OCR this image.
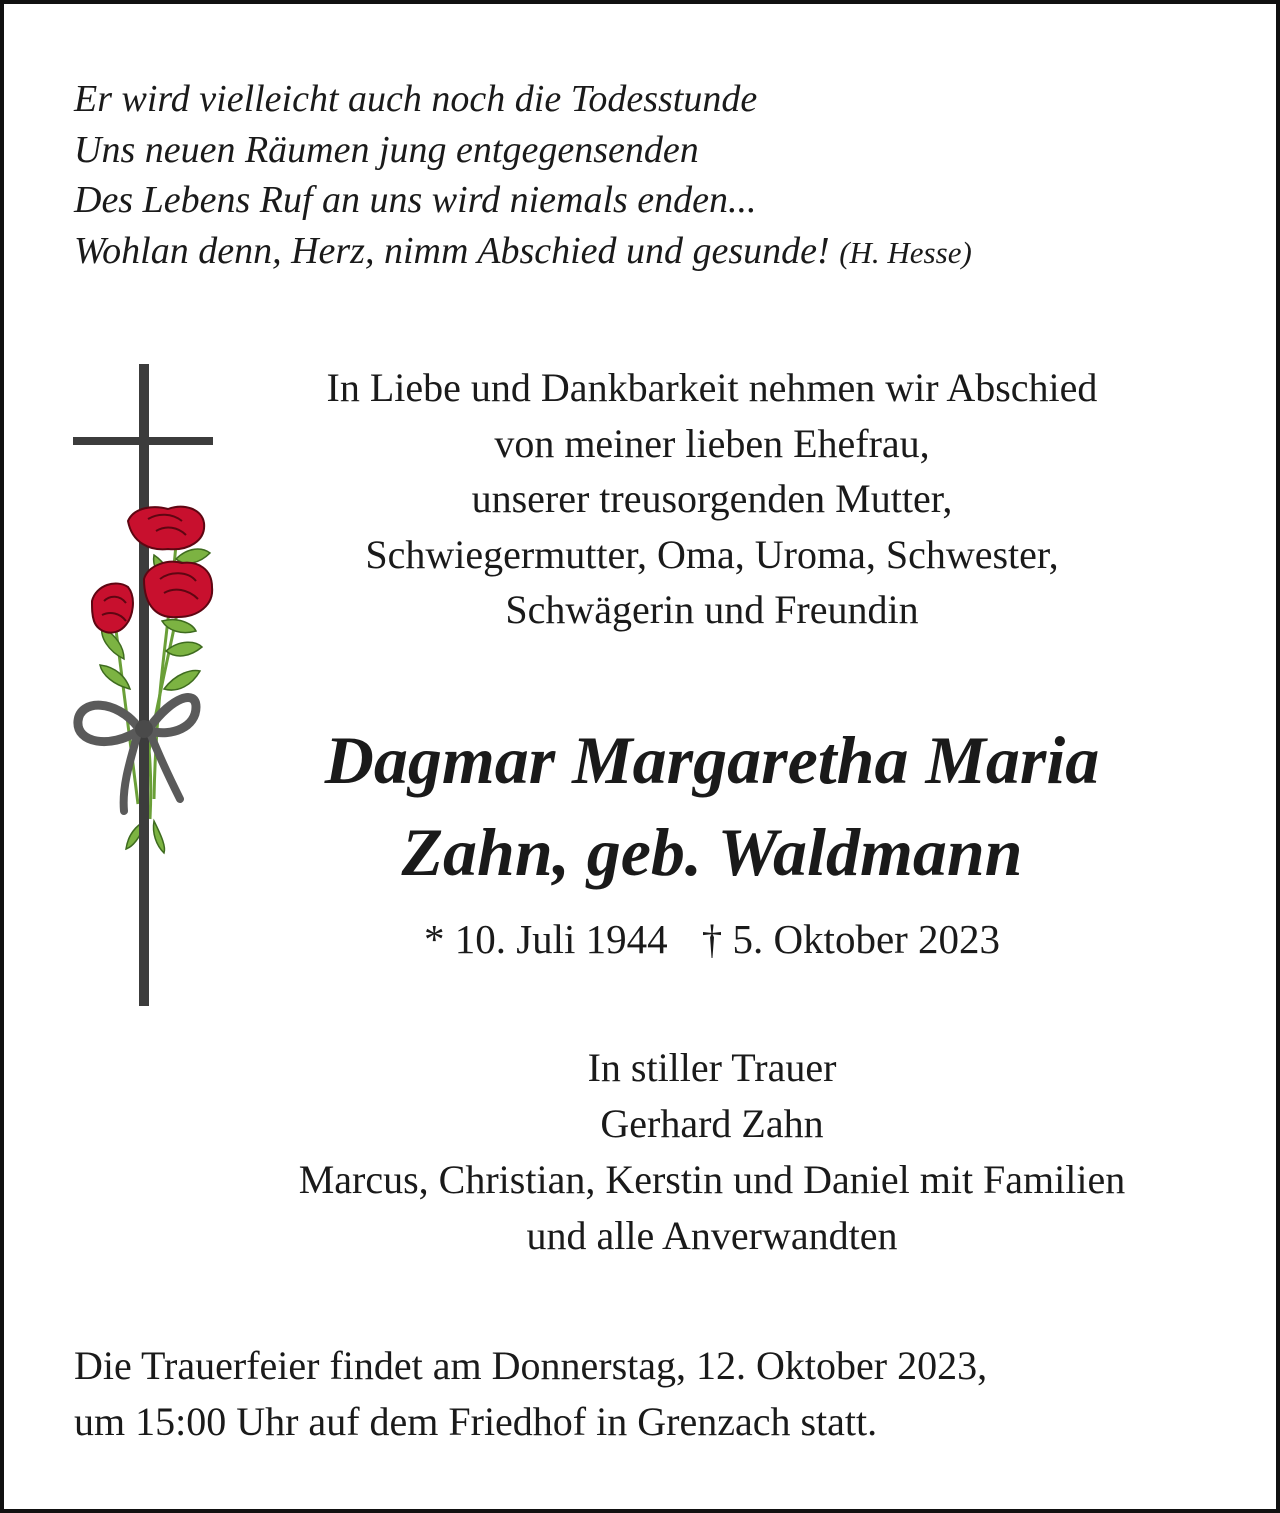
Er wird vielleicht auch noch die Todesstunde
Uns neuen Räumen jung entgegensenden
Des Lebens Ruf an uns wird niemals enden...
Wohlan denn, Herz, nimm Abschied und gesunde! (H. Hesse)
In Liebe und Dankbarkeit nehmen wir Abschied
von meiner lieben Ehefrau,
unserer treusorgenden Mutter,
Schwiegermutter, Oma, Uroma, Schwester,
Schwägerin und Freundin
Dagmar Margaretha Maria
Zahn, geb. Waldmann
* 10. Juli 1944 † 5. Oktober 2023
In stiller Trauer
Gerhard Zahn
Marcus, Christian, Kerstin und Daniel mit Familien
und alle Anverwandten
Die Trauerfeier findet am Donnerstag, 12. Oktober 2023,
um 15:00 Uhr auf dem Friedhof in Grenzach statt.
